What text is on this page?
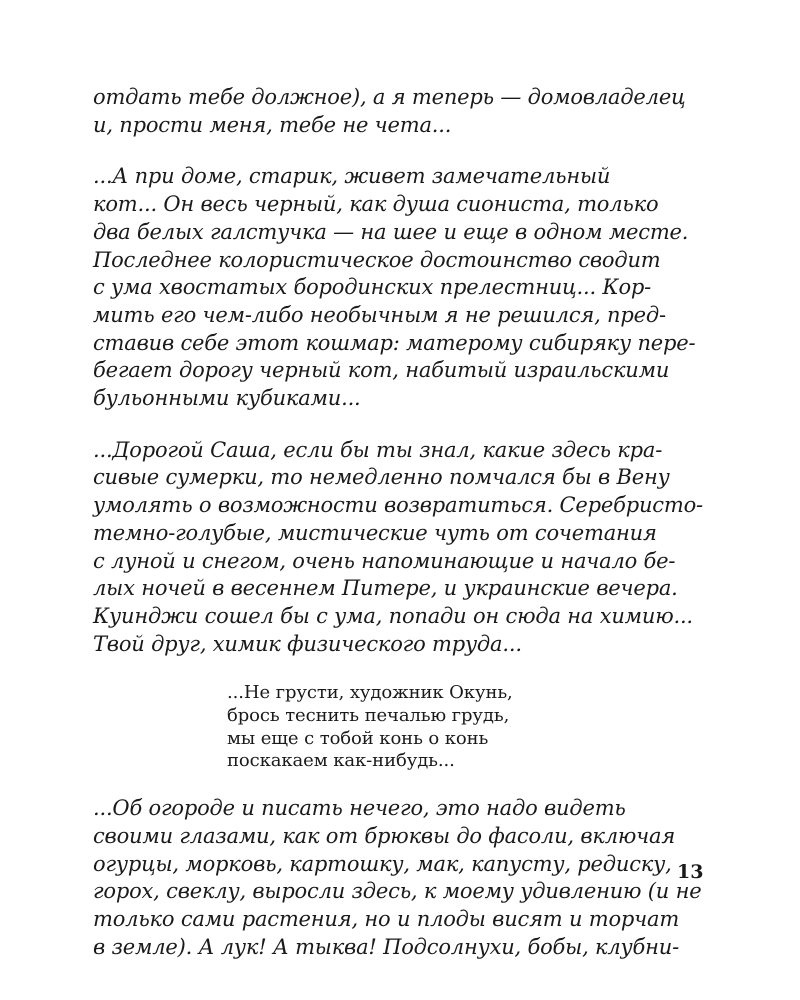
отдать тебе должное), а я теперь — домовладелец
и, прости меня, тебе не чета...

...А при доме, старик, живет замечательный
кот... Он весь черный, как душа сиониста, только
два белых галстучка — на шее и еще в одном месте.
Последнее колористическое достоинство сводит
с ума хвостатых бородинских прелестниц... Кор-
мить его чем-либо необычным я не решился, пред-
ставив себе этот кошмар: матерому сибиряку пере-
бегает дорогу черный кот, набитый израильскими
бульонными кубиками...

...Дорогой Саша, если бы ты знал, какие здесь кра-
сивые сумерки, то немедленно помчался бы в Вену
умолять о возможности возвратиться. Серебристо-
темно-голубые, мистические чуть от сочетания
с луной и снегом, очень напоминающие и начало бе-
лых ночей в весеннем Питере, и украинские вечера.
Куинджи сошел бы с ума, попади он сюда на химию...
Твой друг, химик физического труда...

...Не грусти, художник Окунь,
брось теснить печалью грудь,
мы еще с тобой конь о конь
поскакаем как-нибудь...

...Об огороде и писать нечего, это надо видеть
своими глазами, как от брюквы до фасоли, включая
огурцы, морковь, картошку, мак, капусту, редиску,
горох, свеклу, выросли здесь, к моему удивлению (и не
только сами растения, но и плоды висят и торчат
в земле). А лук! А тыква! Подсолнухи, бобы, клубни-

13
